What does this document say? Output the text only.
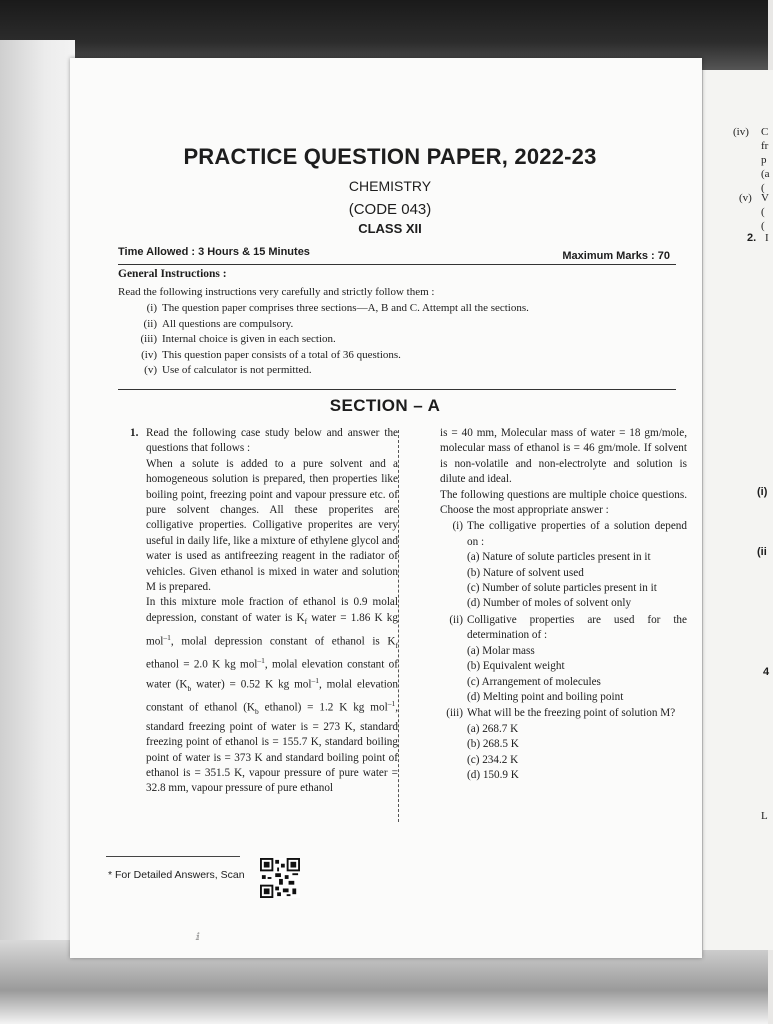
(iv) C
fr
p
(a
(
(v) V
(
(
2. I
(i)
(ii
4
L
PRACTICE QUESTION PAPER, 2022-23
CHEMISTRY
(CODE 043)
CLASS XII
Time Allowed : 3 Hours & 15 Minutes	Maximum Marks : 70
General Instructions :
Read the following instructions very carefully and strictly follow them :
(i) The question paper comprises three sections—A, B and C. Attempt all the sections.
(ii) All questions are compulsory.
(iii) Internal choice is given in each section.
(iv) This question paper consists of a total of 36 questions.
(v) Use of calculator is not permitted.
SECTION – A
1. Read the following case study below and answer the questions that follows :

When a solute is added to a pure solvent and a homogeneous solution is prepared, then properties like boiling point, freezing point and vapour pressure etc. of pure solvent changes. All these properites are colligative properties. Colligative properites are very useful in daily life, like a mixture of ethylene glycol and water is used as antifreezing reagent in the radiator of vehicles. Given ethanol is mixed in water and solution M is prepared.

In this mixture mole fraction of ethanol is 0.9 molal depression, constant of water is $K_f$ water = 1.86 K kg mol$^{-1}$, molal depression constant of ethanol is $K_f$ ethanol = 2.0 K kg mol$^{-1}$, molal elevation constant of water ($K_b$ water) = 0.52 K kg mol$^{-1}$, molal elevation constant of ethanol ($K_b$ ethanol) = 1.2 K kg mol$^{-1}$, standard freezing point of water is = 273 K, standard freezing point of ethanol is = 155.7 K, standard boiling point of water is = 373 K and standard boiling point of ethanol is = 351.5 K, vapour pressure of pure water = 32.8 mm, vapour pressure of pure ethanol

is = 40 mm, Molecular mass of water = 18 gm/mole, molecular mass of ethanol is = 46 gm/mole. If solvent is non-volatile and non-electrolyte and solution is dilute and ideal.

The following questions are multiple choice questions. Choose the most appropriate answer :

(i) The colligative properties of a solution depend on :
(a) Nature of solute particles present in it
(b) Nature of solvent used
(c) Number of solute particles present in it
(d) Number of moles of solvent only
(ii) Colligative properties are used for the determination of :
(a) Molar mass
(b) Equivalent weight
(c) Arrangement of molecules
(d) Melting point and boiling point
(iii) What will be the freezing point of solution M?
(a) 268.7 K
(b) 268.5 K
(c) 234.2 K
(d) 150.9 K
* For Detailed Answers, Scan
ⅈ
